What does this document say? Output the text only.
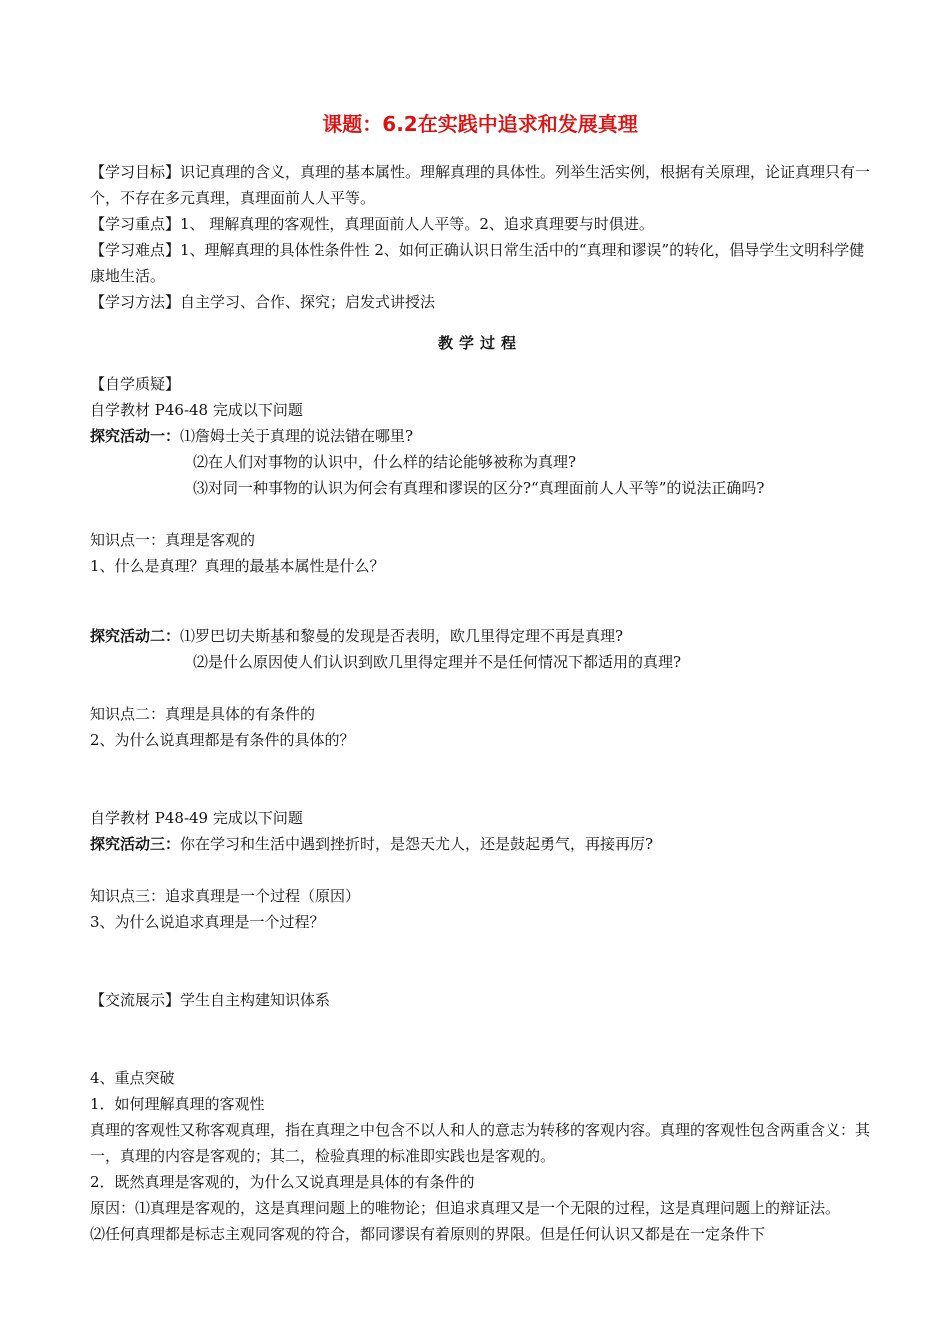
课题：6.2在实践中追求和发展真理

【学习目标】识记真理的含义，真理的基本属性。理解真理的具体性。列举生活实例，根据有关原理，论证真理只有一个，不存在多元真理，真理面前人人平等。

【学习重点】1、 理解真理的客观性，真理面前人人平等。2、追求真理要与时俱进。

【学习难点】1、理解真理的具体性条件性 2、如何正确认识日常生活中的“真理和谬误”的转化，倡导学生文明科学健康地生活。

【学习方法】自主学习、合作、探究；启发式讲授法

教学过程

【自学质疑】

自学教材 P46-48 完成以下问题

探究活动一：⑴詹姆士关于真理的说法错在哪里?

⑵在人们对事物的认识中，什么样的结论能够被称为真理?

⑶对同一种事物的认识为何会有真理和谬误的区分?“真理面前人人平等”的说法正确吗?

知识点一：真理是客观的

1、什么是真理？真理的最基本属性是什么？

探究活动二：⑴罗巴切夫斯基和黎曼的发现是否表明，欧几里得定理不再是真理?

⑵是什么原因使人们认识到欧几里得定理并不是任何情况下都适用的真理?

知识点二：真理是具体的有条件的

2、为什么说真理都是有条件的具体的？

自学教材 P48-49 完成以下问题

探究活动三：你在学习和生活中遇到挫折时，是怨天尤人，还是鼓起勇气，再接再厉?

知识点三：追求真理是一个过程（原因）

3、为什么说追求真理是一个过程？

【交流展示】学生自主构建知识体系

4、重点突破

1．如何理解真理的客观性

真理的客观性又称客观真理，指在真理之中包含不以人和人的意志为转移的客观内容。真理的客观性包含两重含义：其一，真理的内容是客观的；其二，检验真理的标准即实践也是客观的。

2．既然真理是客观的，为什么又说真理是具体的有条件的

原因：⑴真理是客观的，这是真理问题上的唯物论；但追求真理又是一个无限的过程，这是真理问题上的辩证法。

⑵任何真理都是标志主观同客观的符合，都同谬误有着原则的界限。但是任何认识又都是在一定条件下
